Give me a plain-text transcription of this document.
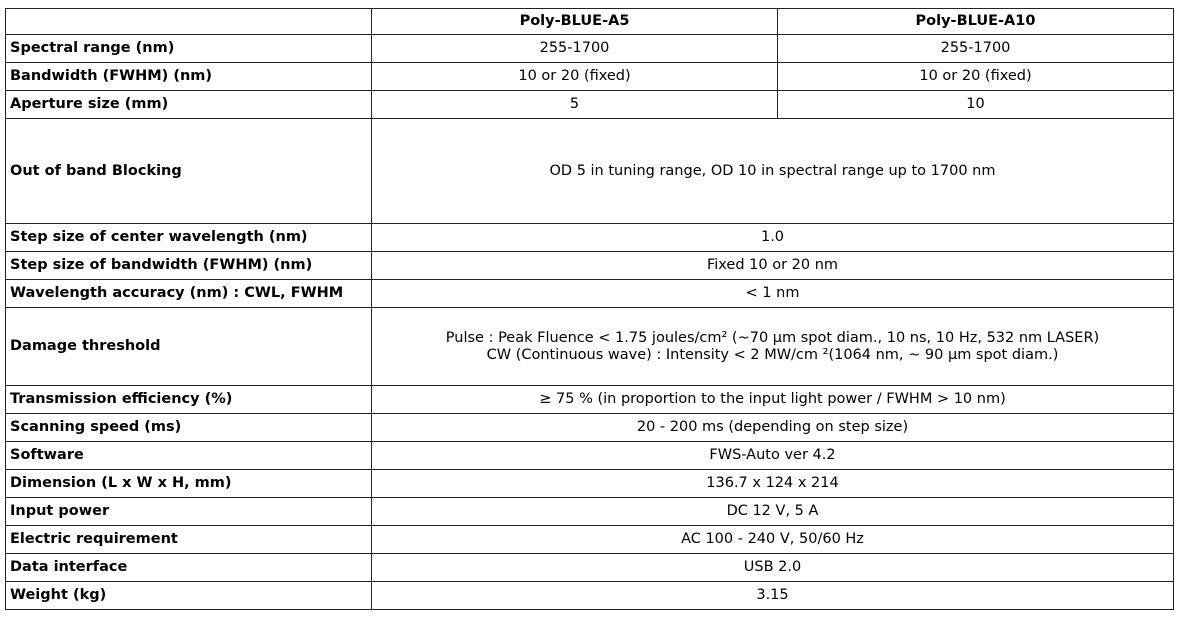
	Poly-BLUE-A5	Poly-BLUE-A10
Spectral range (nm)	255-1700	255-1700
Bandwidth (FWHM) (nm)	10 or 20 (fixed)	10 or 20 (fixed)
Aperture size (mm)	5	10
Out of band Blocking	OD 5 in tuning range, OD 10 in spectral range up to 1700 nm	
Step size of center wavelength (nm)	1.0	
Step size of bandwidth (FWHM) (nm)	Fixed 10 or 20 nm	
Wavelength accuracy (nm) : CWL, FWHM	< 1 nm	
Damage threshold	Pulse : Peak Fluence < 1.75 joules/cm² (~70 µm spot diam., 10 ns, 10 Hz, 532 nm LASER)
CW (Continuous wave) : Intensity < 2 MW/cm ²(1064 nm, ~ 90 µm spot diam.)	

Transmission efficiency (%)	≥ 75 % (in proportion to the input light power / FWHM > 10 nm)	
Scanning speed (ms)	20 - 200 ms (depending on step size)	
Software	FWS-Auto ver 4.2	
Dimension (L x W x H, mm)	136.7 x 124 x 214	
Input power	DC 12 V, 5 A	
Electric requirement	AC 100 - 240 V, 50/60 Hz	
Data interface	USB 2.0	
Weight (kg)	3.15	
